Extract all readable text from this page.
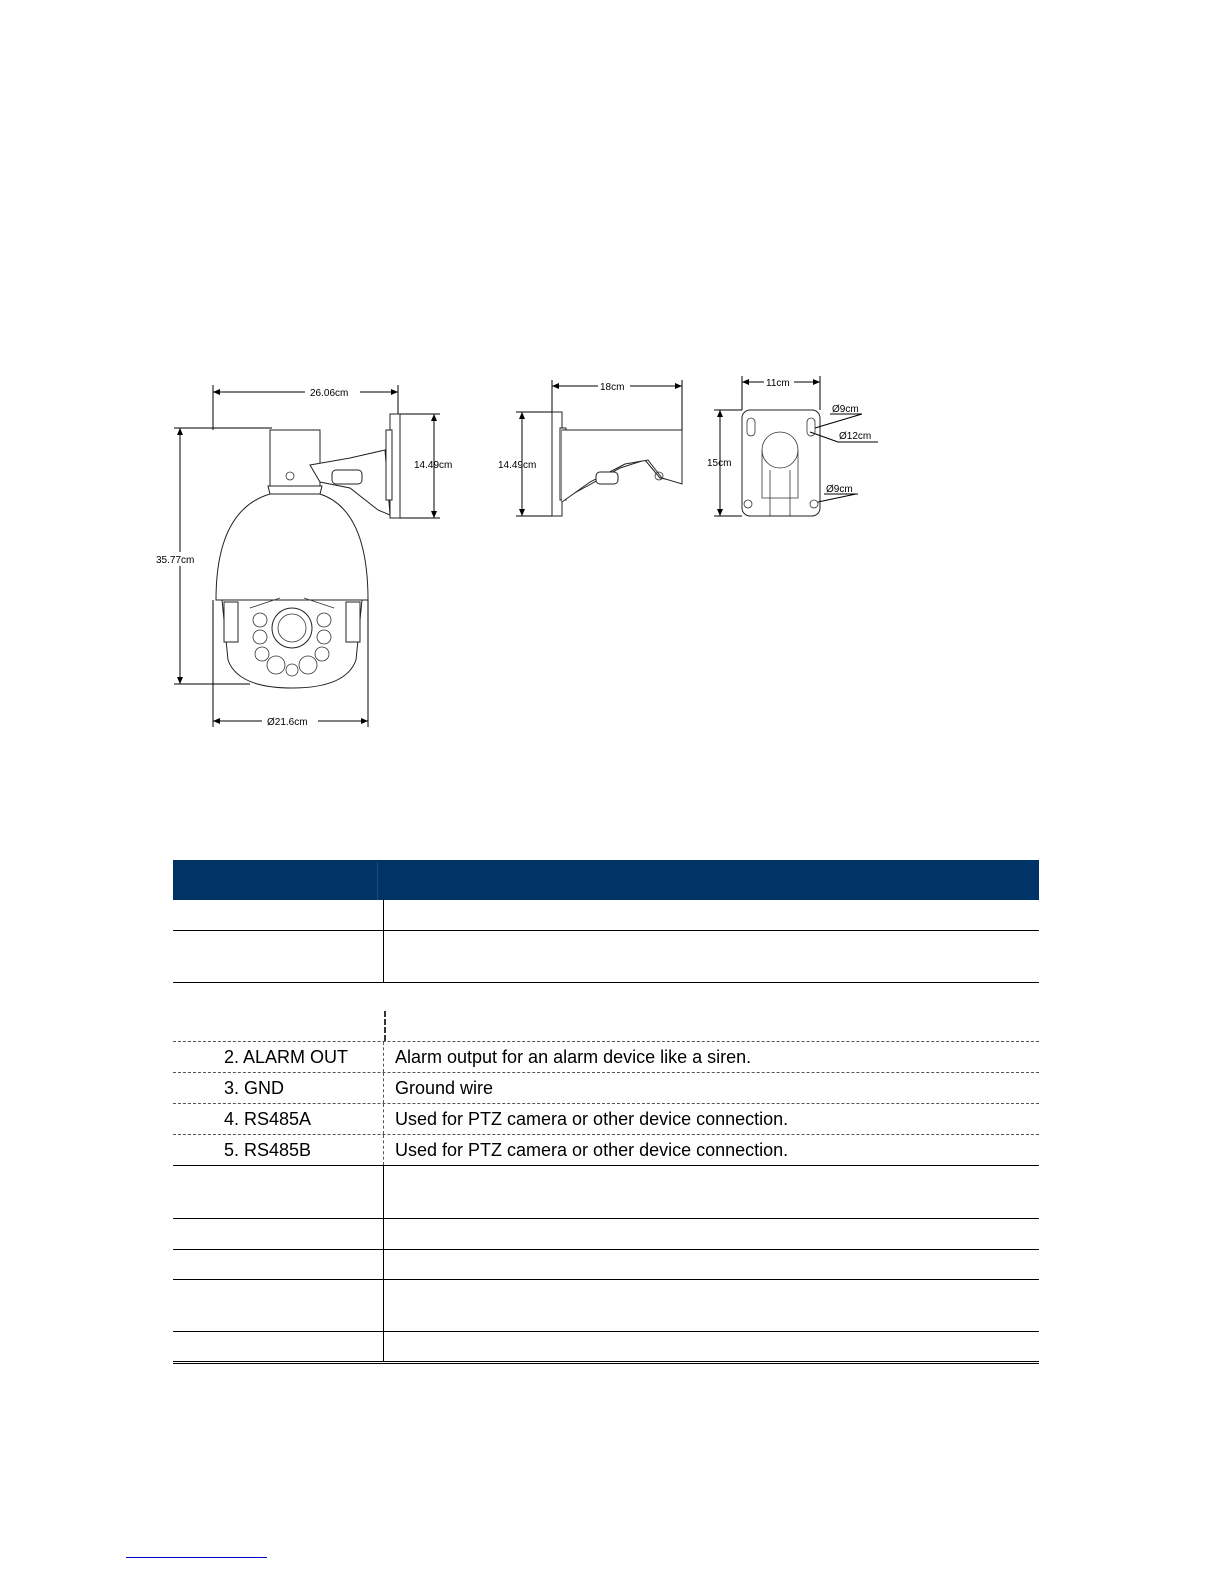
26.06cm
14.49cm
35.77cm
Ø21.6cm
18cm
14.49cm
11cm
15cm
Ø9cm
Ø12cm
Ø9cm
2. ALARM OUT	Alarm output for an alarm device like a siren.
3. GND	Ground wire
4. RS485A	Used for PTZ camera or other device connection.
5. RS485B	Used for PTZ camera or other device connection.
